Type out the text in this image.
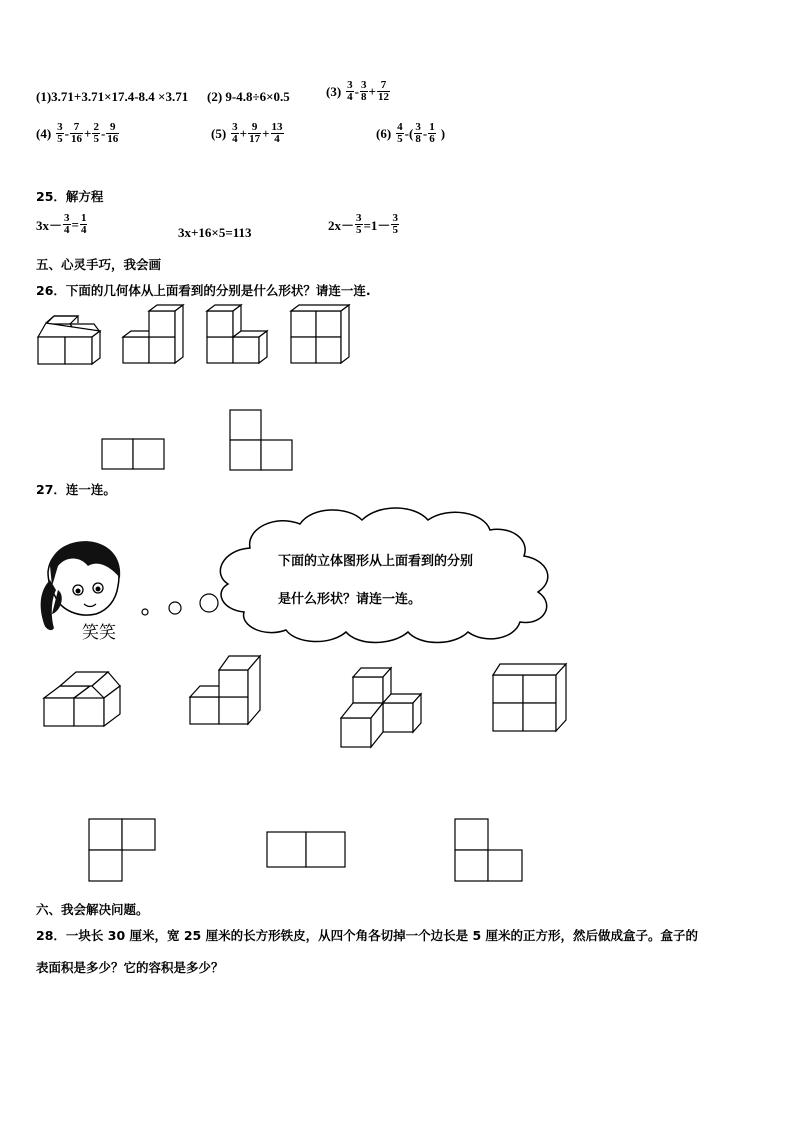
(1)3.71+3.71×17.4-8.4 ×3.71 (2) 9-4.8÷6×0.5	$(3) \frac{3}{4} - \frac{3}{8} + \frac{7}{12}$
$(4) \frac{3}{5} - \frac{7}{16} + \frac{2}{5} - \frac{9}{16}$	$(5) \frac{3}{4} + \frac{9}{17} + \frac{13}{4}$	$(6) \frac{4}{5}$ -( $\frac{3}{8} - \frac{1}{6}$ )
25．解方程
$3x- \frac{3}{4} = \frac{1}{4}$	3x+16×5=113	$2x- \frac{3}{5} =1- \frac{3}{5}$
五、心灵手巧，我会画
26．下面的几何体从上面看到的分别是什么形状？请连一连.
27．连一连。
下面的立体图形从上面看到的分别
是什么形状？请连一连。
笑笑
六、我会解决问题。
28．一块长 30 厘米，宽 25 厘米的长方形铁皮，从四个角各切掉一个边长是 5 厘米的正方形，然后做成盒子。盒子的
表面积是多少？它的容积是多少？
